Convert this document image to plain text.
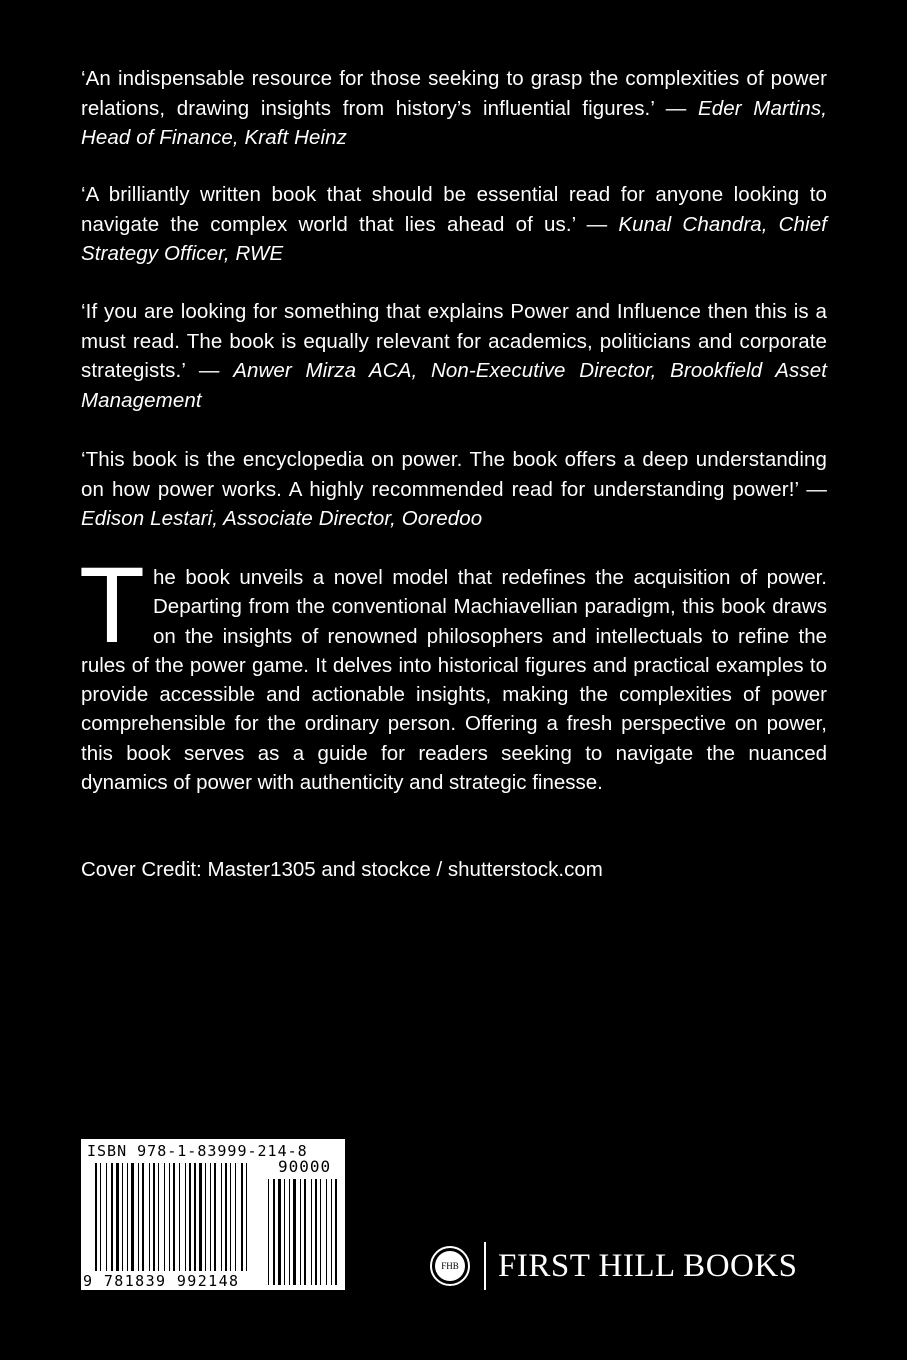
‘An indispensable resource for those seeking to grasp the complexities of power relations, drawing insights from history’s influential figures.’ — Eder Martins, Head of Finance, Kraft Heinz
‘A brilliantly written book that should be essential read for anyone looking to navigate the complex world that lies ahead of us.’ — Kunal Chandra, Chief Strategy Officer, RWE
‘If you are looking for something that explains Power and Influence then this is a must read. The book is equally relevant for academics, politicians and corporate strategists.’ — Anwer Mirza ACA, Non-Executive Director, Brookfield Asset Management
‘This book is the encyclopedia on power. The book offers a deep understanding on how power works. A highly recommended read for understanding power!’ — Edison Lestari, Associate Director, Ooredoo
The book unveils a novel model that redefines the acquisition of power. Departing from the conventional Machiavellian paradigm, this book draws on the insights of renowned philosophers and intellectuals to refine the rules of the power game. It delves into historical figures and practical examples to provide accessible and actionable insights, making the complexities of power comprehensible for the ordinary person. Offering a fresh perspective on power, this book serves as a guide for readers seeking to navigate the nuanced dynamics of power with authenticity and strategic finesse.
Cover Credit: Master1305 and stockce / shutterstock.com
ISBN 978-1-83999-214-8
90000
9 781839 992148
FHB FIRST HILL BOOKS
